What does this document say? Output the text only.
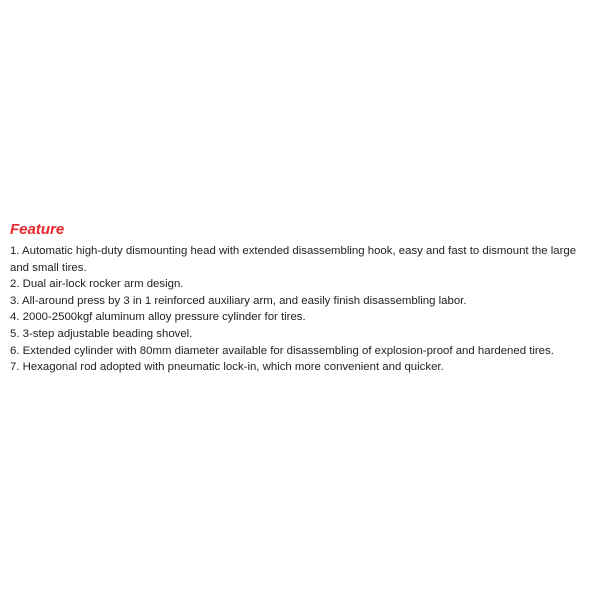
Feature
1. Automatic high-duty dismounting head with extended disassembling hook, easy and fast to dismount the large and small tires.
2. Dual air-lock rocker arm design.
3. All-around press by 3 in 1 reinforced auxiliary arm, and easily finish disassembling labor.
4. 2000-2500kgf aluminum alloy pressure cylinder for tires.
5. 3-step adjustable beading shovel.
6. Extended cylinder with 80mm diameter available for disassembling of explosion-proof and hardened tires.
7. Hexagonal rod adopted with pneumatic lock-in, which more convenient and quicker.
